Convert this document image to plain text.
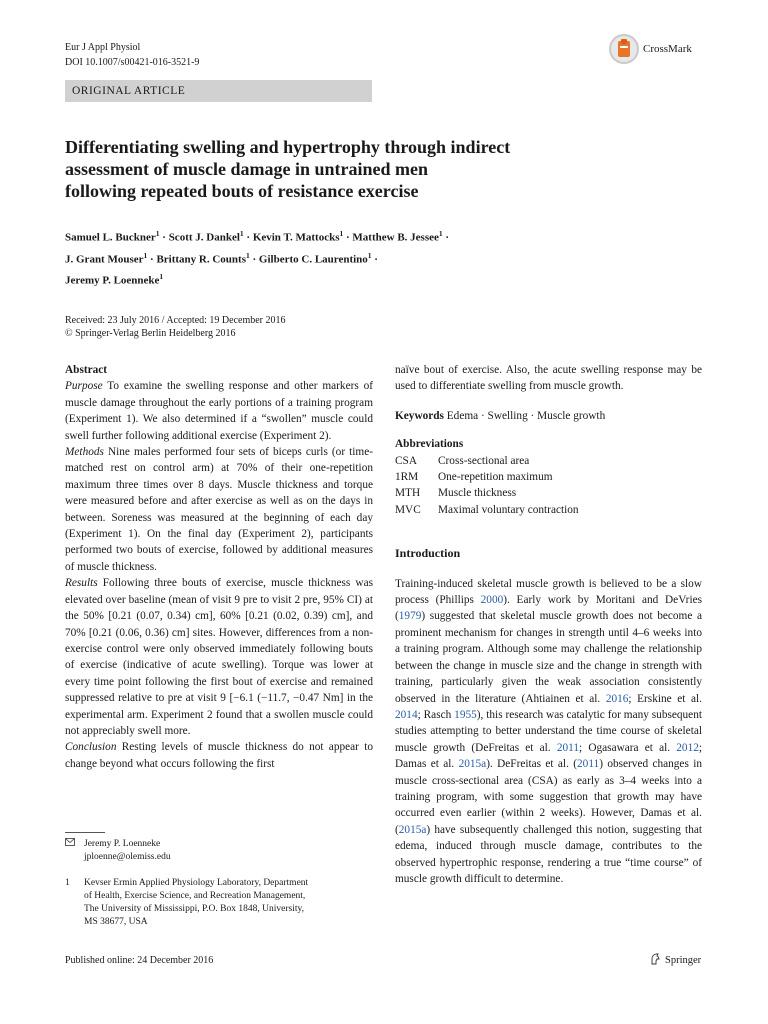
Eur J Appl Physiol
DOI 10.1007/s00421-016-3521-9
CrossMark
ORIGINAL ARTICLE
Differentiating swelling and hypertrophy through indirect
assessment of muscle damage in untrained men
following repeated bouts of resistance exercise
Samuel L. Buckner$^1$ · Scott J. Dankel$^1$ · Kevin T. Mattocks$^1$ · Matthew B. Jessee$^1$ ·
J. Grant Mouser$^1$ · Brittany R. Counts$^1$ · Gilberto C. Laurentino$^1$ ·
Jeremy P. Loenneke$^1$
Received: 23 July 2016 / Accepted: 19 December 2016
© Springer-Verlag Berlin Heidelberg 2016

Abstract

Purpose To examine the swelling response and other markers of muscle damage throughout the early portions of a training program (Experiment 1). We also determined if a “swollen” muscle could swell further following additional exercise (Experiment 2).

Methods Nine males performed four sets of biceps curls (or time-matched rest on control arm) at 70% of their one-repetition maximum three times over 8 days. Muscle thickness and torque were measured before and after exercise as well as on the days in between. Soreness was measured at the beginning of each day (Experiment 1). On the final day (Experiment 2), participants performed two bouts of exercise, followed by additional measures of muscle thickness.

Results Following three bouts of exercise, muscle thickness was elevated over baseline (mean of visit 9 pre to visit 2 pre, 95% CI) at the 50% [0.21 (0.07, 0.34) cm], 60% [0.21 (0.02, 0.39) cm], and 70% [0.21 (0.06, 0.36) cm] sites. However, differences from a non-exercise control were only observed immediately following bouts of exercise (indicative of acute swelling). Torque was lower at every time point following the first bout of exercise and remained suppressed relative to pre at visit 9 [−6.1 (−11.7, −0.47 Nm] in the experimental arm. Experiment 2 found that a swollen muscle could not appreciably swell more.

Conclusion Resting levels of muscle thickness do not appear to change beyond what occurs following the first

naïve bout of exercise. Also, the acute swelling response may be used to differentiate swelling from muscle growth.

Keywords Edema · Swelling · Muscle growth

Abbreviations

CSA	Cross-sectional area
1RM	One-repetition maximum
MTH	Muscle thickness
MVC	Maximal voluntary contraction

Introduction

Training-induced skeletal muscle growth is believed to be a slow process (Phillips 2000). Early work by Moritani and DeVries (1979) suggested that skeletal muscle growth does not become a prominent mechanism for changes in strength until 4–6 weeks into a training program. Although some may challenge the relationship between the change in muscle size and the change in strength with training, particularly given the weak association consistently observed in the literature (Ahtiainen et al. 2016; Erskine et al. 2014; Rasch 1955), this research was catalytic for many subsequent studies attempting to better understand the time course of skeletal muscle growth (DeFreitas et al. 2011; Ogasawara et al. 2012; Damas et al. 2015a). DeFreitas et al. (2011) observed changes in muscle cross-sectional area (CSA) as early as 3–4 weeks into a training program, with some suggestion that growth may have occurred even earlier (within 2 weeks). However, Damas et al. (2015a) have subsequently challenged this notion, suggesting that edema, induced through muscle damage, contributes to the observed hypertrophic response, rendering a true “time course” of muscle growth difficult to determine.

Jeremy P. Loenneke
jploenne@olemiss.edu
1	Kevser Ermin Applied Physiology Laboratory, Department
of Health, Exercise Science, and Recreation Management,
The University of Mississippi, P.O. Box 1848, University,
MS 38677, USA
Published online: 24 December 2016	Springer
